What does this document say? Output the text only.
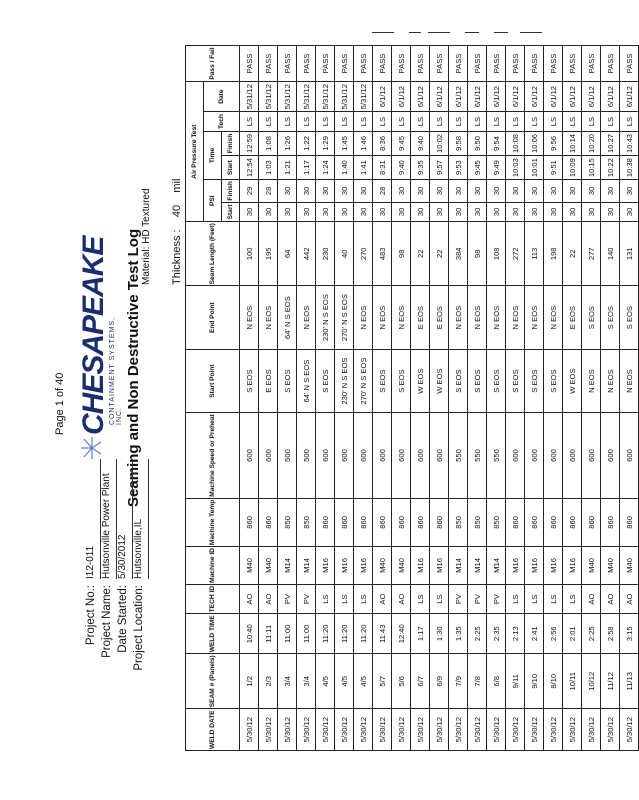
Page 1 of 40 CHESAPEAKE CONTAINMENT SYSTEMS, INC. Seaming and Non Destructive Test Log
Project No.:
I12-011
Project Name:
Hutsonville Power Plant
Date Started:
5/30/2012
Project Location:
Hutsonville,IL
Material: HD Textured
Thickness :    40    mil
WELD DATE	SEAM # (Panels)	WELD TIME	TECH ID	Machine ID	Machine Temp	Machine Speed or Preheat	Start Point	End Point	Seam Length (Feet)	Air Pressure Test						Pass / Fail
										PSI		Time		Tech	Date	
										Start	Finish	Start	Finish			
5/30/12	1/2	10:40	AO	M40	860	600	S EOS	N EOS	100	30	29	12:54	12:59	LS	5/31/12	PASS
5/30/12	2/3	11:11	AO	M40	860	600	E EOS	N EOS	195	30	28	1:03	1:08	LS	5/31/12	PASS
5/30/12	3/4	11:00	PV	M14	850	500	S EOS	64' N S EOS	64	30	30	1:21	1:26	LS	5/31/12	PASS
5/30/12	3/4	11:00	PV	M14	850	500	64' N S EOS	N EOS	442	30	30	1:17	1:22	LS	5/31/12	PASS
5/30/12	4/5	11:20	LS	M16	860	600	S EOS	230' N S EOS	230	30	30	1:24	1:29	LS	5/31/12	PASS
5/30/12	4/5	11:20	LS	M16	860	600	230' N S EOS	270' N S EOS	40	30	30	1:40	1:45	LS	5/31/12	PASS
5/30/12	4/5	11:20	LS	M16	860	600	270' N S EOS	N EOS	270	30	30	1:41	1:46	LS	5/31/12	PASS
5/30/12	5/7	11:43	AO	M40	860	600	S EOS	N EOS	483	30	28	8:31	8:36	LS	6/1/12	PASS
5/30/12	5/6	12:40	AO	M40	860	600	S EOS	N EOS	98	30	30	9:40	9:45	LS	6/1/12	PASS
5/30/12	6/7	1:17	LS	M16	860	600	W EOS	E EOS	22	30	30	9:35	9:40	LS	6/1/12	PASS
5/30/12	6/9	1:30	LS	M16	860	600	W EOS	E EOS	22	30	30	9:57	10:02	LS	6/1/12	PASS
5/30/12	7/9	1:35	PV	M14	850	550	S EOS	N EOS	384	30	30	9:53	9:58	LS	6/1/12	PASS
5/30/12	7/8	2:25	PV	M14	850	550	S EOS	N EOS	98	30	30	9:45	9:50	LS	6/1/12	PASS
5/30/12	6/8	2:35	PV	M14	850	550	S EOS	N EOS	108	30	30	9:49	9:54	LS	6/1/12	PASS
5/30/12	9/11	2:13	LS	M16	860	600	S EOS	N EOS	272	30	30	10:03	10:08	LS	6/1/12	PASS
5/30/12	9/10	2:41	LS	M16	860	600	S EOS	N EOS	113	30	30	10:01	10:06	LS	6/1/12	PASS
5/30/12	8/10	2:56	LS	M16	860	600	S EOS	N EOS	198	30	30	9:51	9:56	LS	6/1/12	PASS
5/30/12	10/11	2:01	LS	M16	860	600	W EOS	E EOS	22	30	30	10:09	10:14	LS	6/1/12	PASS
5/30/12	10/12	2:25	AO	M40	860	600	N EOS	S EOS	277	30	30	10:15	10:20	LS	6/1/12	PASS
5/30/12	11/12	2:58	AO	M40	860	600	N EOS	S EOS	140	30	30	10:22	10:27	LS	6/1/12	PASS
5/30/12	11/13	3:15	AO	M40	860	600	N EOS	S EOS	131	30	30	10:38	10:43	LS	6/1/12	PASS
